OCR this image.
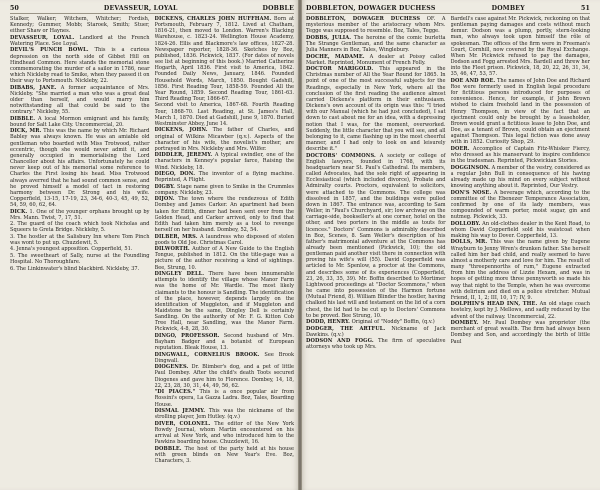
50	DEVASSEUR, LOYAL	DOBBLE

Stalker, Walker; Witchem, Whitcher; Fordish, Kennedy; Gummer, Mobb; Staroek, Smith; Stuer, either Shaw or Haynes.

DEVASSEUR, LOYAL. Landlord at the French Watering Place. See Loyal.

DEVIL'S PUNCH BOWL. This is a curious depression on the north side of Gibbet Hill on Hindhead Common. Here stands the memorial stone commemorating the murder of a sailor in 1786, near which Nickleby read to Smike, when they passed it on their way to Portsmouth. Nickleby, 22.

DIBABS, JANE. A former acquaintance of Mrs. Nickleby. "She married a man who was a great deal older than herself, and would marry him notwithstanding all that could be said to the contrary." Nickleby, 55.

DIBBLE. A local Mormon emigrant and his family, bound for Salt Lake City. Uncommercial, 20.

DICK, MR. This was the name by which Mr. Richard Babley was always known. He was an amiable old gentleman who boarded with Miss Trotwood, rather eccentric, though she would never admit it, and generally occupied in memorialising the Lord Chancellor about his affairs. Unfortunately he could never keep out of his memorial some reference to Charles the First losing his head. Miss Trotwood always averred that he had sound common sense, and he proved himself a model of tact in restoring harmony between Dr. Strong and his wife. Copperfield, 13-15, 17-19, 23, 34-6, 40-3, 45, 49, 52, 54, 59, 60, 62, 64.

DICK. 1. One of the younger orphans brought up by Mrs. Mann. Twist, 7, 17, 51.

2. The guard of the coach which took Nicholas and Squeers to Greta Bridge. Nickleby, 5.

3. The hostler at the Salisbury Inn where Tom Pinch was wont to put up. Chuzzlewit, 5.

4. Jenna's youngest apposition. Copperfield, 51.

5. The sweetheart of Sally, nurse at the Foundling Hospital. No Thoroughfare.

6. The Linkinwater's blind blackbird. Nickleby, 37.

DICKENS, CHARLES JOHN HUFFHAM. Born at Portsmouth, February 7, 1812. Lived at Chatham, 1816-21, then moved to London. Warren's Blacking Warehouse, c. 1823-24. Wellington House Academy, 1824-26. Ellis and Blackmore's law offices, 1827-28. Newspaper reporter, 1828-36. Sketches by Boz, published, 1836. Pickwick, 1837. (For dates of novels see list at beginning of this book.) Married Catherine Hogarth, April 1836. First visit to America, 1842. Founded Daily News, January, 1846. Founded Household Words, March, 1850. Bought Gadshill, 1856. First Reading Tour, 1858-59. Founded All the Year Round, 1859. Second Reading Tour, 1861-63. Third Reading Tour, 1866-67.

Second visit to America, 1867-68. Fourth Reading Tour, 1868-70. Last Reading, at St. James's Hall, March 1, 1870. Died at Gadshill, June 9, 1870. Buried Westminster Abbey, June 14.

DICKENS, JOHN. The father of Charles, and original of Wilkins Micawber (q.v.). Aspects of the character of his wife, the novelist's mother, are portrayed in Mrs. Nickleby and Mrs. Wilfer.

DIDDLER, JEREMY. A typical swindler, one of the characters in Kenney's popular farce, Raising the Wind. Nickleby, 18.

DIEGO, DON. The inventor of a flying machine. Reprinted, A Flight.

DIGBY. Stage name given to Smike in the Crummles company. Nickleby, 23.

DIJON. The town where the rendezvous of Edith Dombey and James Carker. An apartment had been taken for Edith, dinner had been sent over from the Golden Head, and Carker arrived, only to find that Edith had taken him merely as a tool to revenge herself on her husband. Dombey, 52, 54.

DILBER, MRS. A laundress who disposed of stolen goods to Old Joe. Christmas Carol.

DILWORTH. Author of A New Guide to the English Tongue, published in 1812. On the title-page was a picture of the author receiving a kind of sightings. Bee, Strung, 10.

DINGLEY DELL. There have been innumerable attempts to identify the village whose Manor Farm was the home of Mr. Wardle. The most likely claimants to the honour is Sandling. The identification of the place, however, depends largely on the identification of Muggleton, and if Muggleton and Maidstone be the same, Dingley Dell is certainly Sandling. On the authority of Mr. F. G. Kitton Cob Tree Hall, near Sandling, was the Manor Farm. Pickwick, 4-8, 28, 30.

DINGO, PROFESSOR. Second husband of Mrs. Bayham Badger and a botanist of European reputation. Bleak House, 13.

DINGWALL, CORNELIUS BROOK. See Brook Dingwall.

DIOGENES. Dr. Blimber's dog, and a pet of little Paul Dombey. After the child's death Toots secured Diogenes and gave him to Florence. Dombey, 14, 18, 22, 23, 28, 30, 31, 44, 49, 56, 62.

"DI PIACES." This is a once popular air from Rossini's opera, La Gazza Ladra. Boz, Tales, Boarding House.

DISMAL JEMMY. This was the nickname of the strolling player, Jem Hutley. (q.v.)

DIVER, COLONEL. The editor of the New York Rowdy Journal, whom Martin encountered on his arrival at New York, and who introduced him to the Pawkins boarding house. Chuzzlewit, 16.

DOBBLE. The host of the party held at his house with green blinds on New Year's Eve. Boz, Characters, 3.

DOBBLETON, DOWAGER DUCHESS	DOMBEY	51

DOBBLETON, DOWAGER DUCHESS OF. A mysterious member of the aristocracy whom Mrs. Tegge was supposed to resemble. Boz, Tales, Tegge.

DOBBS, JULIA. The heroine of the comic burletta The Strange Gentleman, and the same character as Julia Manners in Boz, Tales, Winglebury.

DOCHE, MADAME. A dealer at Poissy called Market. Reprinted, Monument of French Folly.

DOCTOR MARIGOLD. This appeared in the Christmas number of All the Year Round for 1865. In point of one of the most successful subjects for the Readings, especially in New York, where all the conclusion of the first reading the audience almost carried Dickens's platform in their enthusiasm. Dickens's own account of its origin was this: "I tried with our Manual (which he had just concluded), I sat down to cast about me for an idea, with a depressing notion that I was, for the moment, overworked. Suddenly, the little character that you will see, and all belonging to it, came flashing up in the most cheerful manner, and I had only to look on and leisurely describe it."

DOCTORS' COMMONS. A society or college of English lawyers, founded in 1768, with its headquarters near St. Paul's Cathedral. Its members, called Advocates, had the sole right of appearing in Ecclesiastical (which included divorce), Probate and Admiralty courts. Proctors, equivalent to solicitors, were attached to the Commons. The college was dissolved in 1857, and the buildings were pulled down in 1867. The entrance was, according to Sam Weller, in "Paul's Churchyard, sir; low archway on the carriage-side, bookseller's at one corner, hotel on the other, and two porters in the middle as touts for licences." Doctors' Commons is admirably described in Boz, Scenes, 8. Sam Weller's description of his father's matrimonial adventure at the Commons has already been mentioned (Pickwick, 10); the old gentleman paid another visit there in connection with proving his wife's will (55). David Copperfield was articled to Mr. Spenlow, a proctor at the Commons, and describes some of its experiences (Copperfield, 23, 26, 33, 35, 39). Mr. Boffin described to Mortimer Lightwood proceedings at "Doctor Scommons," when he came into possession of the Harmon fortune (Mutual Friend, 8). William Blinder the hostler, having chalked his last will and testament on the lid of a corn chest, the lid had to be cut up to Doctors' Commons to be proved. Bee Strung, 10.

DODD, HENRY. Original of "Noddy" Boffin, (q.v.)

DODGER, THE ARTFUL. Nickname of Jack Dawkins. (q.v.)

DODSON AND FOGG. The firm of speculative attorneys who took up Mrs.

Bardell's case against Mr. Pickwick, reckoning on that gentleman paying damages and costs without much demur. Dodson was a plump, portly, stern-looking man, who always took upon himself the rôle of spokesman. The offices of the firm were in Freeman's Court, Cornhill, now covered by the Royal Exchange. When Mr. Pickwick refused to pay the damages, Dodson and Fogg arrested Mrs. Bardell and threw her into the Fleet prison. Pickwick, 18, 20, 22, 26, 31, 34, 35, 46, 47, 53, 57.

DOE AND ROE. The names of John Doe and Richard Roe were formerly used in English legal procedure for fictitious persons introduced for purposes of convenience. Hence, for example, if John Brown wished to claim freehold land in the possession of Henry Thompson, in view of the fact that an ejectment could only be brought by a leaseholder, Brown would grant a fictitious lease to John Doe, and Doe, as a tenant of Brown, could obtain an ejectment against Thompson. This legal fiction was done away with in 1852. Curiosity Shop, 29.

DOER. Accomplice of Captain Fitz-Whisker Fiercy, who dressed as his manservant to inspire confidence in the tradesman. Reprinted, Pickwickian Stories.

DOGGINSON. A member of the vestry, considered as a regular John Bull in consequence of his having already made up his mind on every subject without knowing anything about it. Reprinted, Our Vestry.

DON'S NOSE. A beverage which, according to the committee of the Ebenezer Temperance Association, confirmed by one of its lady members, was compounded of warm porter, moist sugar, gin and nutmeg. Pickwick, 33.

DOLLOBY. An old-clothes dealer in the Kent Road, to whom David Copperfield sold his waistcoat when making his way to Dover. Copperfield, 13.

DOLLS, MR. This was the name given by Eugene Wrayburn to Jenny Wren's drunken father. She herself called him her bad child, and really seemed to have almost a motherly care and love for him. The result of many "threepennorths of rum," Eugene extracted from him the address of Lizzie Hexam, and was in hopes of getting more three pennyworth so made his way that night to the Temple, when he was overcome with delirium and died on a police stretcher. Mutual Friend, II, 1, 2; III, 10, 17; IV, 9.

DOLPHIN'S HEAD INN, THE. An old stage coach hostelry, kept by J. Mellows, and sadly reduced by the advent of the railway. Uncommercial, 22.

DOMBEY. Mr. Paul Dombey was proprietor (the merchant of great wealth. The firm had always been Dombey and Son, and accordingly the birth of little Paul
